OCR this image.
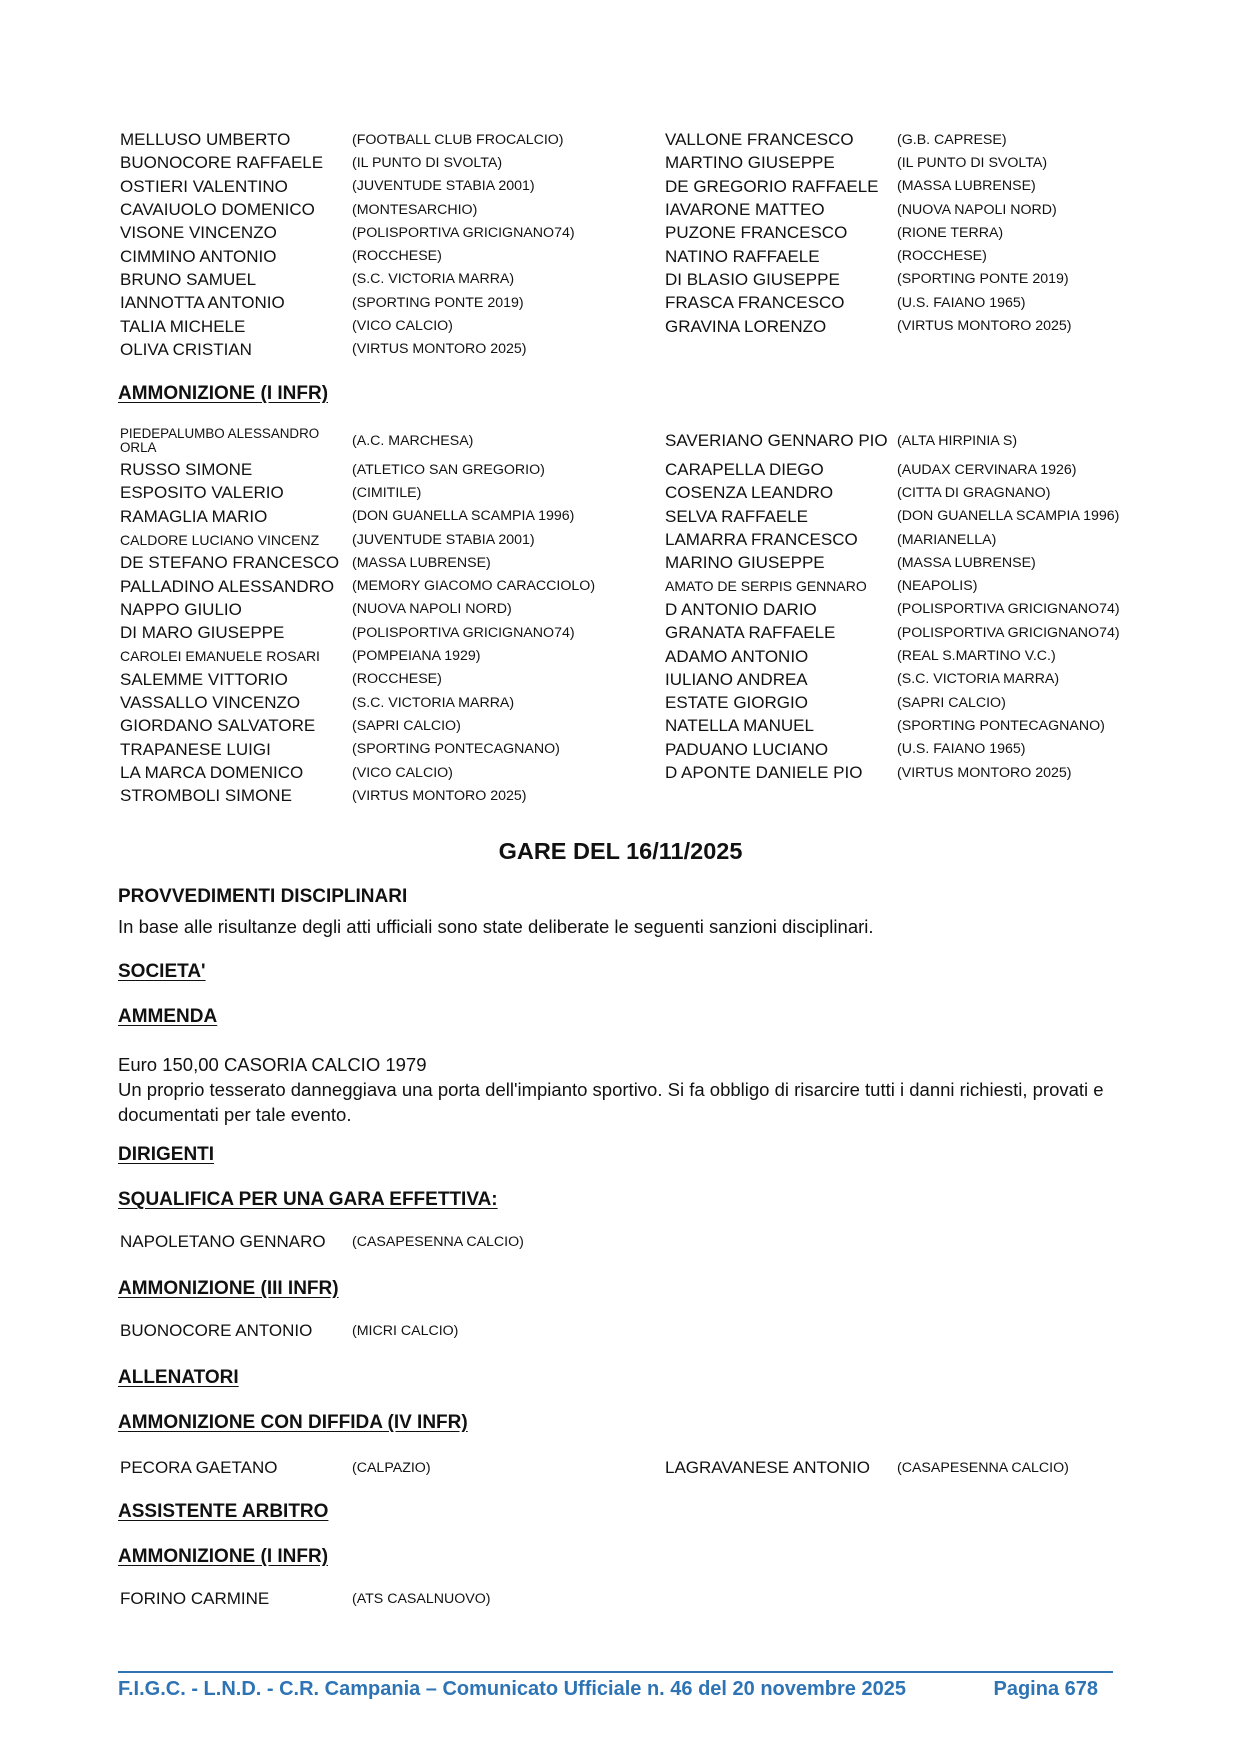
MELLUSO UMBERTO	(FOOTBALL CLUB FROCALCIO)
BUONOCORE RAFFAELE	(IL PUNTO DI SVOLTA)
OSTIERI VALENTINO	(JUVENTUDE STABIA 2001)
CAVAIUOLO DOMENICO	(MONTESARCHIO)
VISONE VINCENZO	(POLISPORTIVA GRICIGNANO74)
CIMMINO ANTONIO	(ROCCHESE)
BRUNO SAMUEL	(S.C. VICTORIA MARRA)
IANNOTTA ANTONIO	(SPORTING PONTE 2019)
TALIA MICHELE	(VICO CALCIO)
OLIVA CRISTIAN	(VIRTUS MONTORO 2025)
VALLONE FRANCESCO	(G.B. CAPRESE)
MARTINO GIUSEPPE	(IL PUNTO DI SVOLTA)
DE GREGORIO RAFFAELE	(MASSA LUBRENSE)
IAVARONE MATTEO	(NUOVA NAPOLI NORD)
PUZONE FRANCESCO	(RIONE TERRA)
NATINO RAFFAELE	(ROCCHESE)
DI BLASIO GIUSEPPE	(SPORTING PONTE 2019)
FRASCA FRANCESCO	(U.S. FAIANO 1965)
GRAVINA LORENZO	(VIRTUS MONTORO 2025)
AMMONIZIONE (I INFR)
PIEDEPALUMBO ALESSANDRO ORLA	(A.C. MARCHESA)
RUSSO SIMONE	(ATLETICO SAN GREGORIO)
ESPOSITO VALERIO	(CIMITILE)
RAMAGLIA MARIO	(DON GUANELLA SCAMPIA 1996)
CALDORE LUCIANO VINCENZ	(JUVENTUDE STABIA 2001)
DE STEFANO FRANCESCO (MASSA LUBRENSE)
PALLADINO ALESSANDRO	(MEMORY GIACOMO CARACCIOLO)
NAPPO GIULIO	(NUOVA NAPOLI NORD)
DI MARO GIUSEPPE	(POLISPORTIVA GRICIGNANO74)
CAROLEI EMANUELE ROSARI	(POMPEIANA 1929)
SALEMME VITTORIO	(ROCCHESE)
VASSALLO VINCENZO	(S.C. VICTORIA MARRA)
GIORDANO SALVATORE	(SAPRI CALCIO)
TRAPANESE LUIGI	(SPORTING PONTECAGNANO)
LA MARCA DOMENICO	(VICO CALCIO)
STROMBOLI SIMONE	(VIRTUS MONTORO 2025)
SAVERIANO GENNARO PIO (ALTA HIRPINIA S)
CARAPELLA DIEGO	(AUDAX CERVINARA 1926)
COSENZA LEANDRO	(CITTA DI GRAGNANO)
SELVA RAFFAELE	(DON GUANELLA SCAMPIA 1996)
LAMARRA FRANCESCO	(MARIANELLA)
MARINO GIUSEPPE	(MASSA LUBRENSE)
AMATO DE SERPIS GENNARO	(NEAPOLIS)
D ANTONIO DARIO	(POLISPORTIVA GRICIGNANO74)
GRANATA RAFFAELE	(POLISPORTIVA GRICIGNANO74)
ADAMO ANTONIO	(REAL S.MARTINO V.C.)
IULIANO ANDREA	(S.C. VICTORIA MARRA)
ESTATE GIORGIO	(SAPRI CALCIO)
NATELLA MANUEL	(SPORTING PONTECAGNANO)
PADUANO LUCIANO	(U.S. FAIANO 1965)
D APONTE DANIELE PIO	(VIRTUS MONTORO 2025)
GARE DEL 16/11/2025
PROVVEDIMENTI DISCIPLINARI
In base alle risultanze degli atti ufficiali sono state deliberate le seguenti sanzioni disciplinari.
SOCIETA'
AMMENDA
Euro 150,00 CASORIA CALCIO 1979
Un proprio tesserato danneggiava una porta dell'impianto sportivo. Si fa obbligo di risarcire tutti i danni richiesti, provati e documentati per tale evento.
DIRIGENTI
SQUALIFICA PER UNA GARA EFFETTIVA:
NAPOLETANO GENNARO	(CASAPESENNA CALCIO)
AMMONIZIONE (III INFR)
BUONOCORE ANTONIO	(MICRI CALCIO)
ALLENATORI
AMMONIZIONE CON DIFFIDA (IV INFR)
PECORA GAETANO	(CALPAZIO)	LAGRAVANESE ANTONIO	(CASAPESENNA CALCIO)
ASSISTENTE ARBITRO
AMMONIZIONE (I INFR)
FORINO CARMINE	(ATS CASALNUOVO)
F.I.G.C. - L.N.D. - C.R. Campania – Comunicato Ufficiale n. 46 del 20 novembre 2025	Pagina 678
